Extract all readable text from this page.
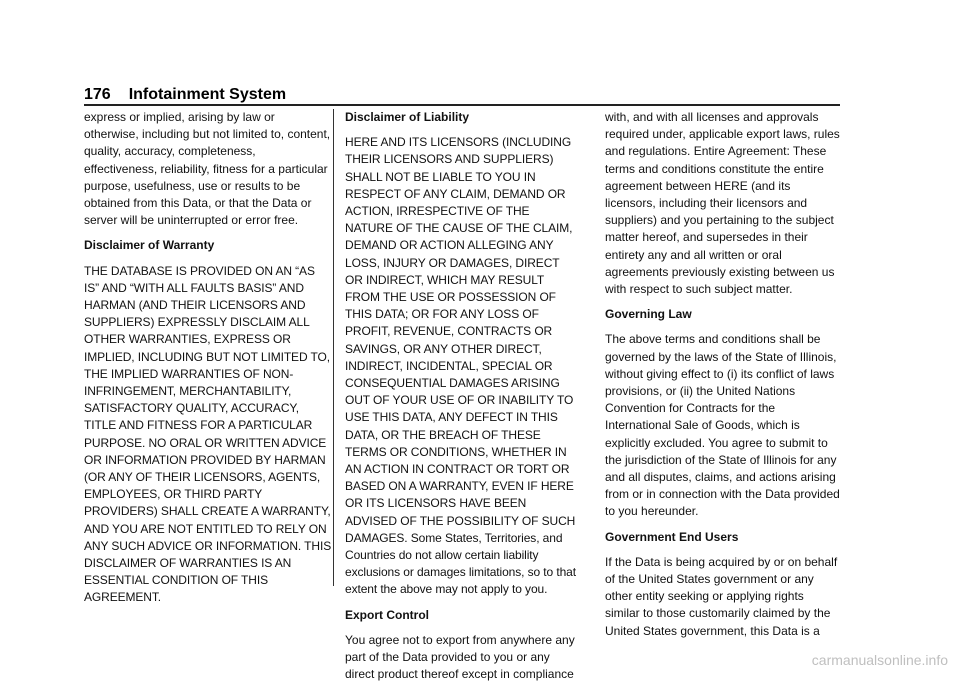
176 Infotainment System

express or implied, arising by law or otherwise, including but not limited to, content, quality, accuracy, completeness, effectiveness, reliability, fitness for a particular purpose, usefulness, use or results to be obtained from this Data, or that the Data or server will be uninterrupted or error free.

Disclaimer of Warranty

THE DATABASE IS PROVIDED ON AN “AS IS” AND “WITH ALL FAULTS BASIS” AND HARMAN (AND THEIR LICENSORS AND SUPPLIERS) EXPRESSLY DISCLAIM ALL OTHER WARRANTIES, EXPRESS OR IMPLIED, INCLUDING BUT NOT LIMITED TO, THE IMPLIED WARRANTIES OF NON-INFRINGEMENT, MERCHANTABILITY, SATISFACTORY QUALITY, ACCURACY, TITLE AND FITNESS FOR A PARTICULAR PURPOSE. NO ORAL OR WRITTEN ADVICE OR INFORMATION PROVIDED BY HARMAN (OR ANY OF THEIR LICENSORS, AGENTS, EMPLOYEES, OR THIRD PARTY PROVIDERS) SHALL CREATE A WARRANTY, AND YOU ARE NOT ENTITLED TO RELY ON ANY SUCH ADVICE OR INFORMATION. THIS DISCLAIMER OF WARRANTIES IS AN ESSENTIAL CONDITION OF THIS AGREEMENT.

Disclaimer of Liability

HERE AND ITS LICENSORS (INCLUDING THEIR LICENSORS AND SUPPLIERS) SHALL NOT BE LIABLE TO YOU IN RESPECT OF ANY CLAIM, DEMAND OR ACTION, IRRESPECTIVE OF THE NATURE OF THE CAUSE OF THE CLAIM, DEMAND OR ACTION ALLEGING ANY LOSS, INJURY OR DAMAGES, DIRECT OR INDIRECT, WHICH MAY RESULT FROM THE USE OR POSSESSION OF THIS DATA; OR FOR ANY LOSS OF PROFIT, REVENUE, CONTRACTS OR SAVINGS, OR ANY OTHER DIRECT, INDIRECT, INCIDENTAL, SPECIAL OR CONSEQUENTIAL DAMAGES ARISING OUT OF YOUR USE OF OR INABILITY TO USE THIS DATA, ANY DEFECT IN THIS DATA, OR THE BREACH OF THESE TERMS OR CONDITIONS, WHETHER IN AN ACTION IN CONTRACT OR TORT OR BASED ON A WARRANTY, EVEN IF HERE OR ITS LICENSORS HAVE BEEN ADVISED OF THE POSSIBILITY OF SUCH DAMAGES. Some States, Territories, and Countries do not allow certain liability exclusions or damages limitations, so to that extent the above may not apply to you.

Export Control

You agree not to export from anywhere any part of the Data provided to you or any direct product thereof except in compliance

with, and with all licenses and approvals required under, applicable export laws, rules and regulations. Entire Agreement: These terms and conditions constitute the entire agreement between HERE (and its licensors, including their licensors and suppliers) and you pertaining to the subject matter hereof, and supersedes in their entirety any and all written or oral agreements previously existing between us with respect to such subject matter.

Governing Law

The above terms and conditions shall be governed by the laws of the State of Illinois, without giving effect to (i) its conflict of laws provisions, or (ii) the United Nations Convention for Contracts for the International Sale of Goods, which is explicitly excluded. You agree to submit to the jurisdiction of the State of Illinois for any and all disputes, claims, and actions arising from or in connection with the Data provided to you hereunder.

Government End Users

If the Data is being acquired by or on behalf of the United States government or any other entity seeking or applying rights similar to those customarily claimed by the United States government, this Data is a

carmanualsonline.info
